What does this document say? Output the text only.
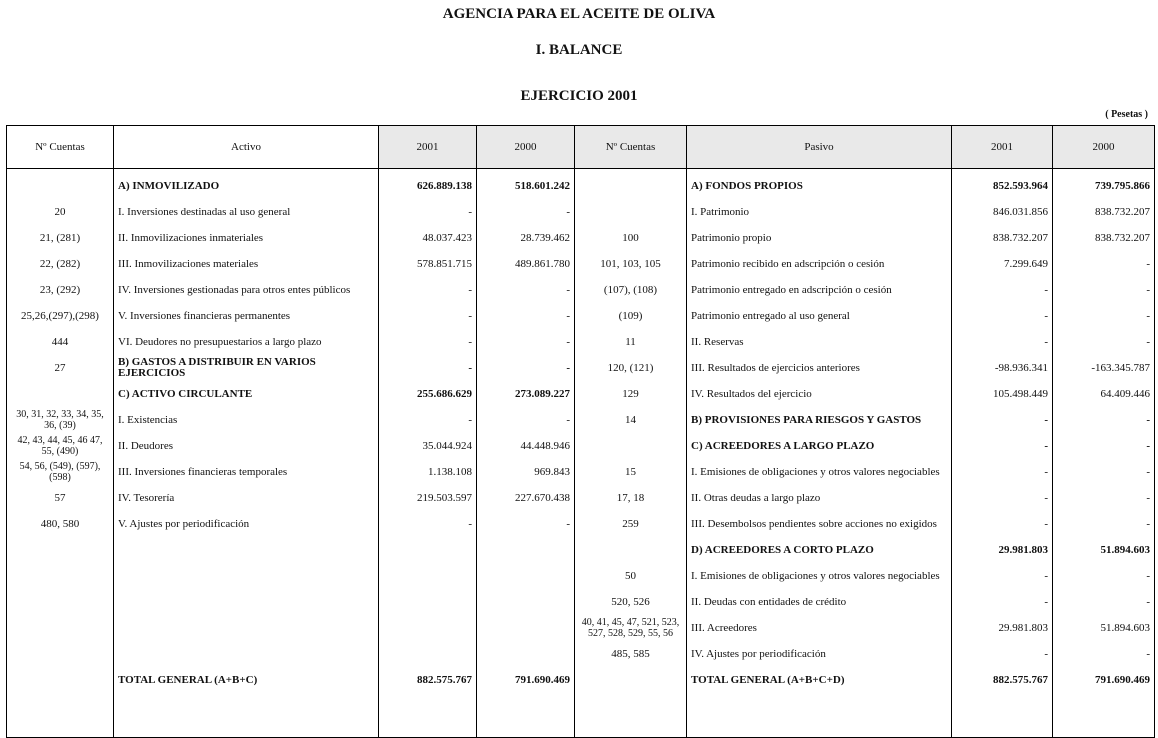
AGENCIA PARA EL ACEITE DE OLIVA
I. BALANCE
EJERCICIO 2001
( Pesetas )
Nº Cuentas	Activo	2001	2000	Nº Cuentas	Pasivo	2001	2000

	A) INMOVILIZADO	626.889.138	518.601.242		A) FONDOS PROPIOS	852.593.964	739.795.866
20	I. Inversiones destinadas al uso general	-	-		I. Patrimonio	846.031.856	838.732.207
21, (281)	II. Inmovilizaciones inmateriales	48.037.423	28.739.462	100	Patrimonio propio	838.732.207	838.732.207
22, (282)	III. Inmovilizaciones materiales	578.851.715	489.861.780	101, 103, 105	Patrimonio recibido en adscripción o cesión	7.299.649	-
23, (292)	IV. Inversiones gestionadas para otros entes públicos	-	-	(107), (108)	Patrimonio entregado en adscripción o cesión	-	-
25,26,(297),(298)	V. Inversiones financieras permanentes	-	-	(109)	Patrimonio entregado al uso general	-	-
444	VI. Deudores no presupuestarios a largo plazo	-	-	11	II. Reservas	-	-
27	B) GASTOS A DISTRIBUIR EN VARIOS EJERCICIOS	-	-	120, (121)	III. Resultados de ejercicios anteriores	-98.936.341	-163.345.787
	C) ACTIVO CIRCULANTE	255.686.629	273.089.227	129	IV. Resultados del ejercicio	105.498.449	64.409.446
30, 31, 32, 33, 34, 35, 36, (39)	I. Existencias	-	-	14	B) PROVISIONES PARA RIESGOS Y GASTOS	-	-
42, 43, 44, 45, 46 47, 55, (490)	II. Deudores	35.044.924	44.448.946		C) ACREEDORES A LARGO PLAZO	-	-
54, 56, (549), (597), (598)	III. Inversiones financieras temporales	1.138.108	969.843	15	I. Emisiones de obligaciones y otros valores negociables	-	-
57	IV. Tesorería	219.503.597	227.670.438	17, 18	II. Otras deudas a largo plazo	-	-
480, 580	V. Ajustes por periodificación	-	-	259	III. Desembolsos pendientes sobre acciones no exigidos	-	-
					D) ACREEDORES A CORTO PLAZO	29.981.803	51.894.603
				50	I. Emisiones de obligaciones y otros valores negociables	-	-
				520, 526	II. Deudas con entidades de crédito	-	-
				40, 41, 45, 47, 521, 523, 527, 528, 529, 55, 56	III. Acreedores	29.981.803	51.894.603
				485, 585	IV. Ajustes por periodificación	-	-
	TOTAL GENERAL (A+B+C)	882.575.767	791.690.469		TOTAL GENERAL (A+B+C+D)	882.575.767	791.690.469
